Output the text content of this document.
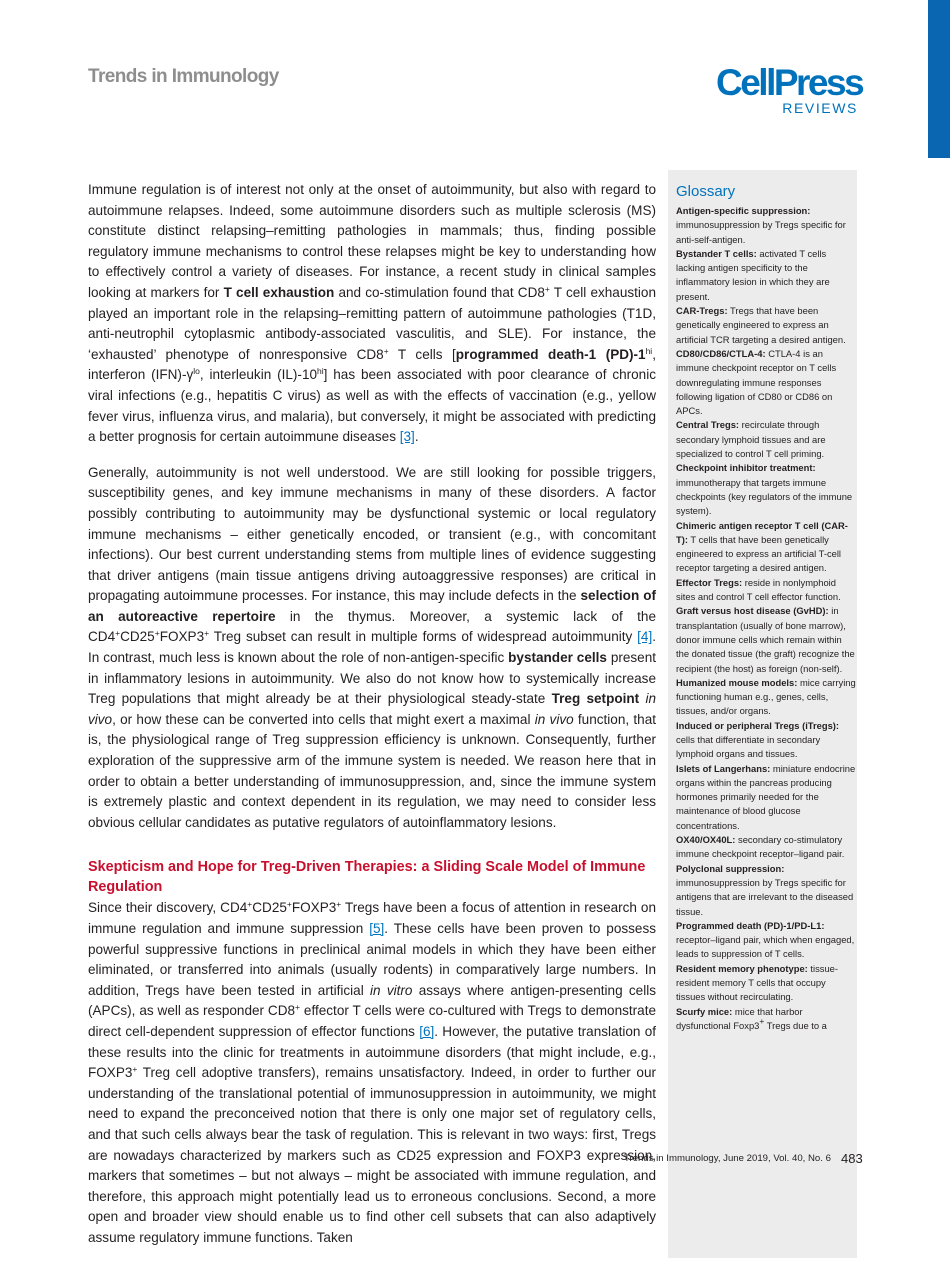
Trends in Immunology	CellPress
REVIEWS

Immune regulation is of interest not only at the onset of autoimmunity, but also with regard to autoimmune relapses. Indeed, some autoimmune disorders such as multiple sclerosis (MS) constitute distinct relapsing–remitting pathologies in mammals; thus, finding possible regulatory immune mechanisms to control these relapses might be key to understanding how to effectively control a variety of diseases. For instance, a recent study in clinical samples looking at markers for T cell exhaustion and co-stimulation found that CD8+ T cell exhaustion played an important role in the relapsing–remitting pattern of autoimmune pathologies (T1D, anti-neutrophil cytoplasmic antibody-associated vasculitis, and SLE). For instance, the ‘exhausted’ phenotype of nonresponsive CD8+ T cells [programmed death-1 $(PD)-1^{hi}$, interferon $(IFN)-\gamma^{lo}$, interleukin $(IL)-10^{hi}$] has been associated with poor clearance of chronic viral infections (e.g., hepatitis C virus) as well as with the effects of vaccination (e.g., yellow fever virus, influenza virus, and malaria), but conversely, it might be associated with predicting a better prognosis for certain autoimmune diseases [3].

Generally, autoimmunity is not well understood. We are still looking for possible triggers, susceptibility genes, and key immune mechanisms in many of these disorders. A factor possibly contributing to autoimmunity may be dysfunctional systemic or local regulatory immune mechanisms – either genetically encoded, or transient (e.g., with concomitant infections). Our best current understanding stems from multiple lines of evidence suggesting that driver antigens (main tissue antigens driving autoaggressive responses) are critical in propagating autoimmune processes. For instance, this may include defects in the selection of an autoreactive repertoire in the thymus. Moreover, a systemic lack of the CD4+CD25+FOXP3+ Treg subset can result in multiple forms of widespread autoimmunity [4]. In contrast, much less is known about the role of non-antigen-specific bystander cells present in inflammatory lesions in autoimmunity. We also do not know how to systemically increase Treg populations that might already be at their physiological steady-state Treg setpoint in vivo, or how these can be converted into cells that might exert a maximal in vivo function, that is, the physiological range of Treg suppression efficiency is unknown. Consequently, further exploration of the suppressive arm of the immune system is needed. We reason here that in order to obtain a better understanding of immunosuppression, and, since the immune system is extremely plastic and context dependent in its regulation, we may need to consider less obvious cellular candidates as putative regulators of autoinflammatory lesions.

Skepticism and Hope for Treg-Driven Therapies: a Sliding Scale Model of Immune Regulation

Since their discovery, CD4+CD25+FOXP3+ Tregs have been a focus of attention in research on immune regulation and immune suppression [5]. These cells have been proven to possess powerful suppressive functions in preclinical animal models in which they have been either eliminated, or transferred into animals (usually rodents) in comparatively large numbers. In addition, Tregs have been tested in artificial in vitro assays where antigen-presenting cells (APCs), as well as responder CD8+ effector T cells were co-cultured with Tregs to demonstrate direct cell-dependent suppression of effector functions [6]. However, the putative translation of these results into the clinic for treatments in autoimmune disorders (that might include, e.g., FOXP3+ Treg cell adoptive transfers), remains unsatisfactory. Indeed, in order to further our understanding of the translational potential of immunosuppression in autoimmunity, we might need to expand the preconceived notion that there is only one major set of regulatory cells, and that such cells always bear the task of regulation. This is relevant in two ways: first, Tregs are nowadays characterized by markers such as CD25 expression and FOXP3 expression, markers that sometimes – but not always – might be associated with immune regulation, and therefore, this approach might potentially lead us to erroneous conclusions. Second, a more open and broader view should enable us to find other cell subsets that can also adaptively assume regulatory immune functions. Taken

Glossary

Antigen-specific suppression: immunosuppression by Tregs specific for anti-self-antigen.

Bystander T cells: activated T cells lacking antigen specificity to the inflammatory lesion in which they are present.

CAR-Tregs: Tregs that have been genetically engineered to express an artificial TCR targeting a desired antigen.

CD80/CD86/CTLA-4: CTLA-4 is an immune checkpoint receptor on T cells downregulating immune responses following ligation of CD80 or CD86 on APCs.

Central Tregs: recirculate through secondary lymphoid tissues and are specialized to control T cell priming.

Checkpoint inhibitor treatment: immunotherapy that targets immune checkpoints (key regulators of the immune system).

Chimeric antigen receptor T cell (CAR-T): T cells that have been genetically engineered to express an artificial T-cell receptor targeting a desired antigen.

Effector Tregs: reside in nonlymphoid sites and control T cell effector function.

Graft versus host disease (GvHD): in transplantation (usually of bone marrow), donor immune cells which remain within the donated tissue (the graft) recognize the recipient (the host) as foreign (non-self).

Humanized mouse models: mice carrying functioning human e.g., genes, cells, tissues, and/or organs.

Induced or peripheral Tregs (iTregs): cells that differentiate in secondary lymphoid organs and tissues.

Islets of Langerhans: miniature endocrine organs within the pancreas producing hormones primarily needed for the maintenance of blood glucose concentrations.

OX40/OX40L: secondary co-stimulatory immune checkpoint receptor–ligand pair.

Polyclonal suppression: immunosuppression by Tregs specific for antigens that are irrelevant to the diseased tissue.

Programmed death (PD)-1/PD-L1: receptor–ligand pair, which when engaged, leads to suppression of T cells.

Resident memory phenotype: tissue-resident memory T cells that occupy tissues without recirculating.

Scurfy mice: mice that harbor dysfunctional Foxp3+ Tregs due to a

Trends in Immunology, June 2019, Vol. 40, No. 6 483
